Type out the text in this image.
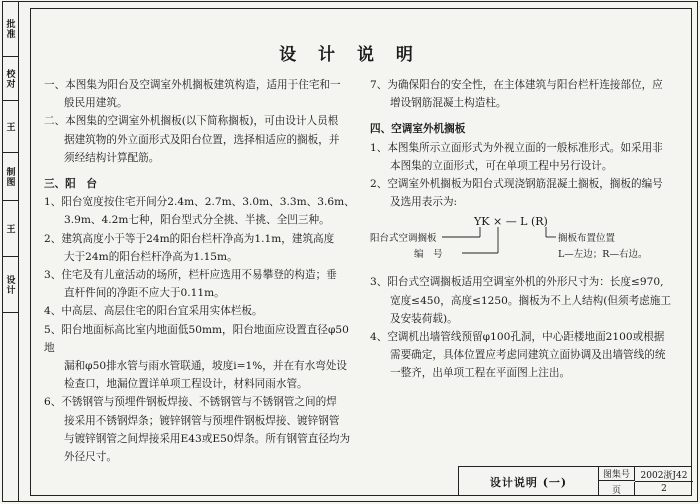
批准
校对
王
制图
王
设计
设 计 说 明

一、本图集为阳台及空调室外机搁板建筑构造，适用于住宅和一

般民用建筑。

二、本图集的空调室外机搁板(以下简称搁板)，可由设计人员根

据建筑物的外立面形式及阳台位置，选择相适应的搁板，并

须经结构计算配筋。

三、阳　台

1、阳台宽度按住宅开间分2.4m、2.7m、3.0m、3.3m、3.6m、

3.9m、4.2m七种，阳台型式分全挑、半挑、全凹三种。

2、建筑高度小于等于24m的阳台栏杆净高为1.1m，建筑高度

大于24m的阳台栏杆净高为1.15m。

3、住宅及有儿童活动的场所，栏杆应选用不易攀登的构造；垂

直杆件间的净距不应大于0.11m。

4、中高层、高层住宅的阳台宜采用实体栏板。

5、阳台地面标高比室内地面低50mm，阳台地面应设置直径φ50地

漏和φ50排水管与雨水管联通，坡度i=1%，并在有水弯处设

检查口，地漏位置详单项工程设计，材料同雨水管。

6、不锈钢管与预埋件钢板焊接、不锈钢管与不锈钢管之间的焊

接采用不锈钢焊条；镀锌钢管与预埋件钢板焊接、镀锌钢管

与镀锌钢管之间焊接采用E43或E50焊条。所有钢管直径均为

外径尺寸。

7、为确保阳台的安全性，在主体建筑与阳台栏杆连接部位，应

增设钢筋混凝土构造柱。

四、空调室外机搁板

1、本图集所示立面形式为外视立面的一般标准形式。如采用非

本图集的立面形式，可在单项工程中另行设计。

2、空调室外机搁板为阳台式现浇钢筋混凝土搁板，搁板的编号

及选用表示为:

YK × — L (R)
阳台式空调搁板
编　号
搁板布置位置
L—左边；R—右边。

3、阳台式空调搁板适用空调室外机的外形尺寸为：长度≤970,

宽度≤450，高度≤1250。搁板为不上人结构(但须考虑施工

及安装荷载)。

4、空调机出墙管线预留φ100孔洞，中心距楼地面2100或根据

需要确定，具体位置应考虑同建筑立面协调及出墙管线的统

一整齐，出单项工程在平面图上注出。

设计说明 (一)
图集号	2002浙J42
页	2
